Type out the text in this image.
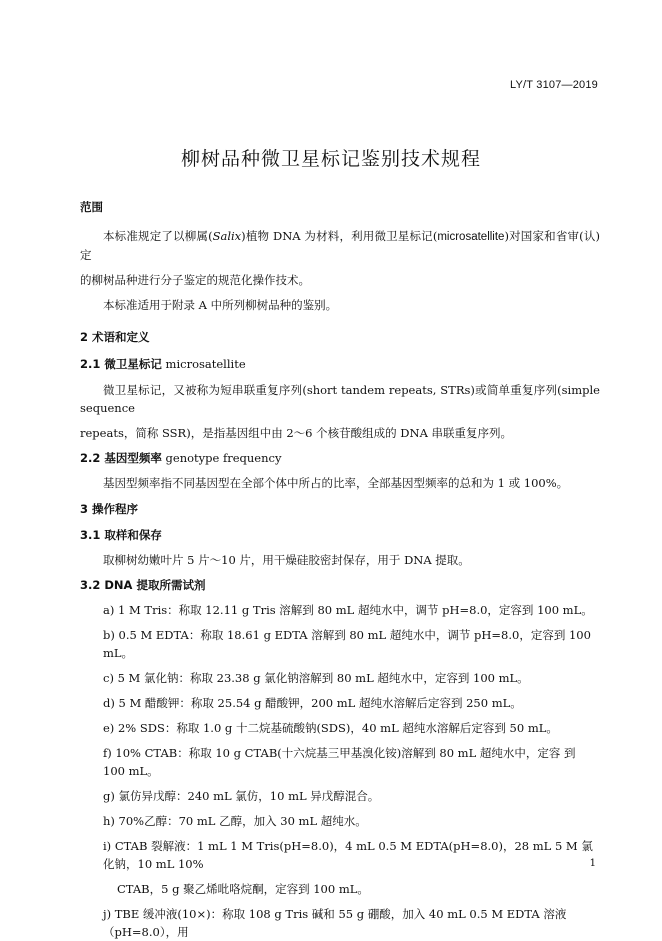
LY/T 3107—2019
柳树品种微卫星标记鉴别技术规程

范围

本标准规定了以柳属(Salix)植物 DNA 为材料，利用微卫星标记(microsatellite)对国家和省审(认)定

的柳树品种进行分子鉴定的规范化操作技术。

本标准适用于附录 A 中所列柳树品种的鉴别。

2 术语和定义

2.1 微卫星标记 microsatellite

微卫星标记，又被称为短串联重复序列(short tandem repeats, STRs)或简单重复序列(simple sequence

repeats，简称 SSR)，是指基因组中由 2～6 个核苷酸组成的 DNA 串联重复序列。

2.2 基因型频率 genotype frequency

基因型频率指不同基因型在全部个体中所占的比率，全部基因型频率的总和为 1 或 100%。

3 操作程序

3.1 取样和保存

取柳树幼嫩叶片 5 片～10 片，用干燥硅胶密封保存，用于 DNA 提取。

3.2 DNA 提取所需试剂

a) 1 M Tris：称取 12.11 g Tris 溶解到 80 mL 超纯水中，调节 pH=8.0，定容到 100 mL。

b) 0.5 M EDTA：称取 18.61 g EDTA 溶解到 80 mL 超纯水中，调节 pH=8.0，定容到 100 mL。

c) 5 M 氯化钠：称取 23.38 g 氯化钠溶解到 80 mL 超纯水中，定容到 100 mL。

d) 5 M 醋酸钾：称取 25.54 g 醋酸钾，200 mL 超纯水溶解后定容到 250 mL。

e) 2% SDS：称取 1.0 g 十二烷基硫酸钠(SDS)，40 mL 超纯水溶解后定容到 50 mL。

f) 10% CTAB：称取 10 g CTAB(十六烷基三甲基溴化铵)溶解到 80 mL 超纯水中，定容 到 100 mL。

g) 氯仿异戊醇：240 mL 氯仿，10 mL 异戊醇混合。

h) 70%乙醇：70 mL 乙醇，加入 30 mL 超纯水。

i) CTAB 裂解液：1 mL 1 M Tris(pH=8.0)，4 mL 0.5 M EDTA(pH=8.0)，28 mL 5 M 氯化钠，10 mL 10%

CTAB，5 g 聚乙烯吡咯烷酮，定容到 100 mL。

j) TBE 缓冲液(10×)：称取 108 g Tris 碱和 55 g 硼酸，加入 40 mL 0.5 M EDTA 溶液（pH=8.0），用

1
